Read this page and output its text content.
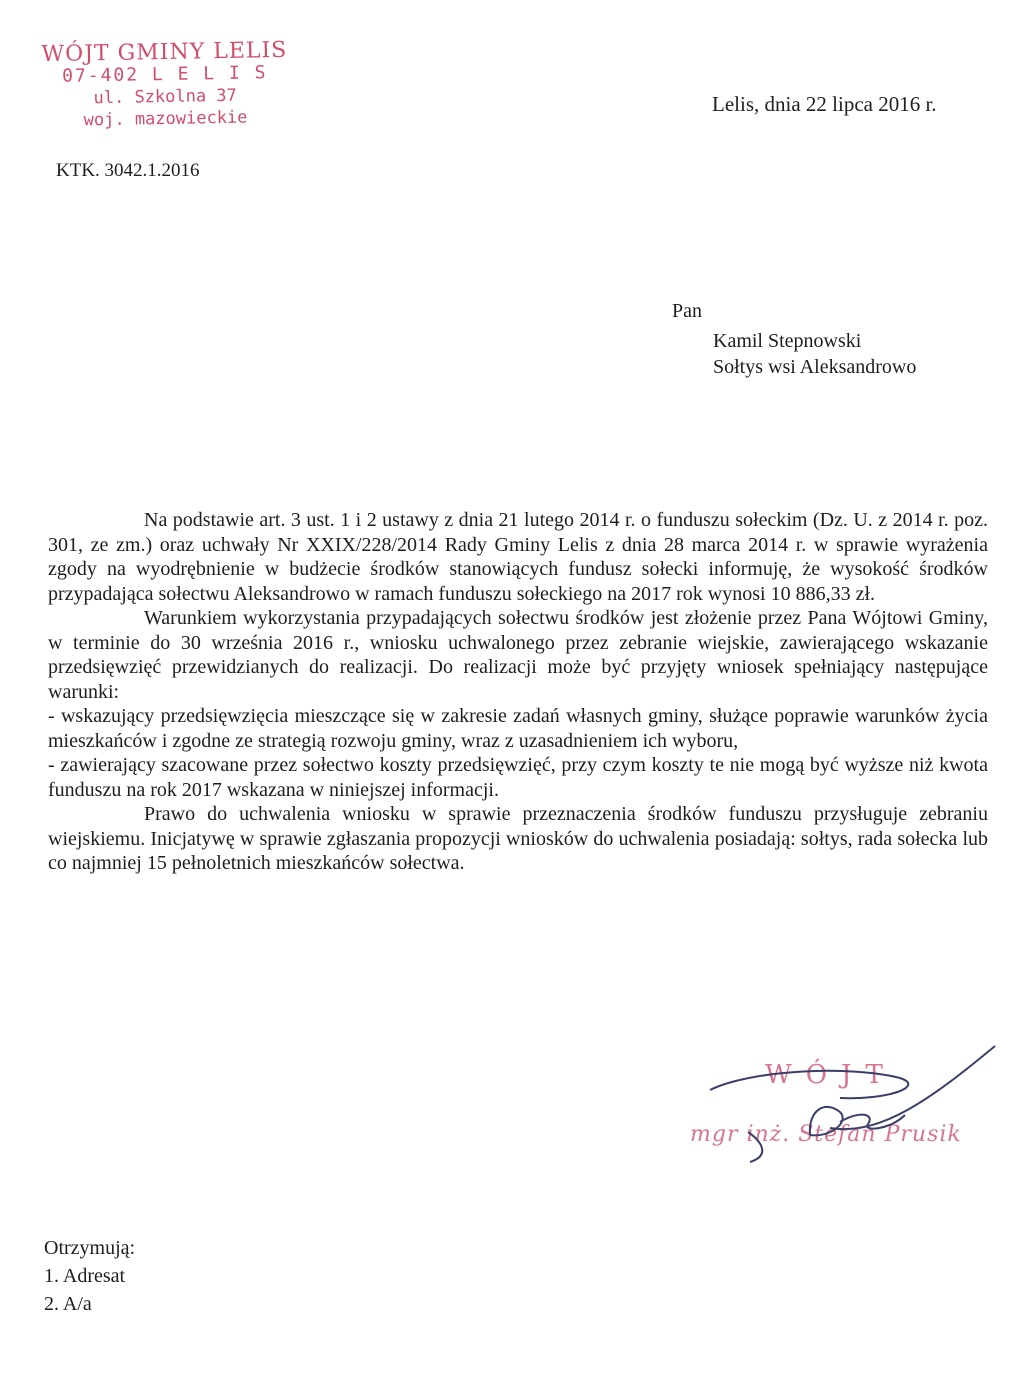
WÓJT GMINY LELIS
07-402 L E L I S
ul. Szkolna 37
woj. mazowieckie
Lelis, dnia 22 lipca 2016 r.
KTK. 3042.1.2016
Pan
Kamil Stepnowski
Sołtys wsi Aleksandrowo

Na podstawie art. 3 ust. 1 i 2 ustawy z dnia 21 lutego 2014 r. o funduszu sołeckim (Dz. U. z 2014 r. poz. 301, ze zm.) oraz uchwały Nr XXIX/228/2014 Rady Gminy Lelis z dnia 28 marca 2014 r. w sprawie wyrażenia zgody na wyodrębnienie w budżecie środków stanowiących fundusz sołecki informuję, że wysokość środków przypadająca sołectwu Aleksandrowo w ramach funduszu sołeckiego na 2017 rok wynosi 10 886,33 zł.

Warunkiem wykorzystania przypadających sołectwu środków jest złożenie przez Pana Wójtowi Gminy, w terminie do 30 września 2016 r., wniosku uchwalonego przez zebranie wiejskie, zawierającego wskazanie przedsięwzięć przewidzianych do realizacji. Do realizacji może być przyjęty wniosek spełniający następujące warunki:

- wskazujący przedsięwzięcia mieszczące się w zakresie zadań własnych gminy, służące poprawie warunków życia mieszkańców i zgodne ze strategią rozwoju gminy, wraz z uzasadnieniem ich wyboru,

- zawierający szacowane przez sołectwo koszty przedsięwzięć, przy czym koszty te nie mogą być wyższe niż kwota funduszu na rok 2017 wskazana w niniejszej informacji.

Prawo do uchwalenia wniosku w sprawie przeznaczenia środków funduszu przysługuje zebraniu wiejskiemu. Inicjatywę w sprawie zgłaszania propozycji wniosków do uchwalenia posiadają: sołtys, rada sołecka lub co najmniej 15 pełnoletnich mieszkańców sołectwa.

WÓJT
mgr inż. Stefan Prusik
Otrzymują:
1. Adresat
2. A/a
